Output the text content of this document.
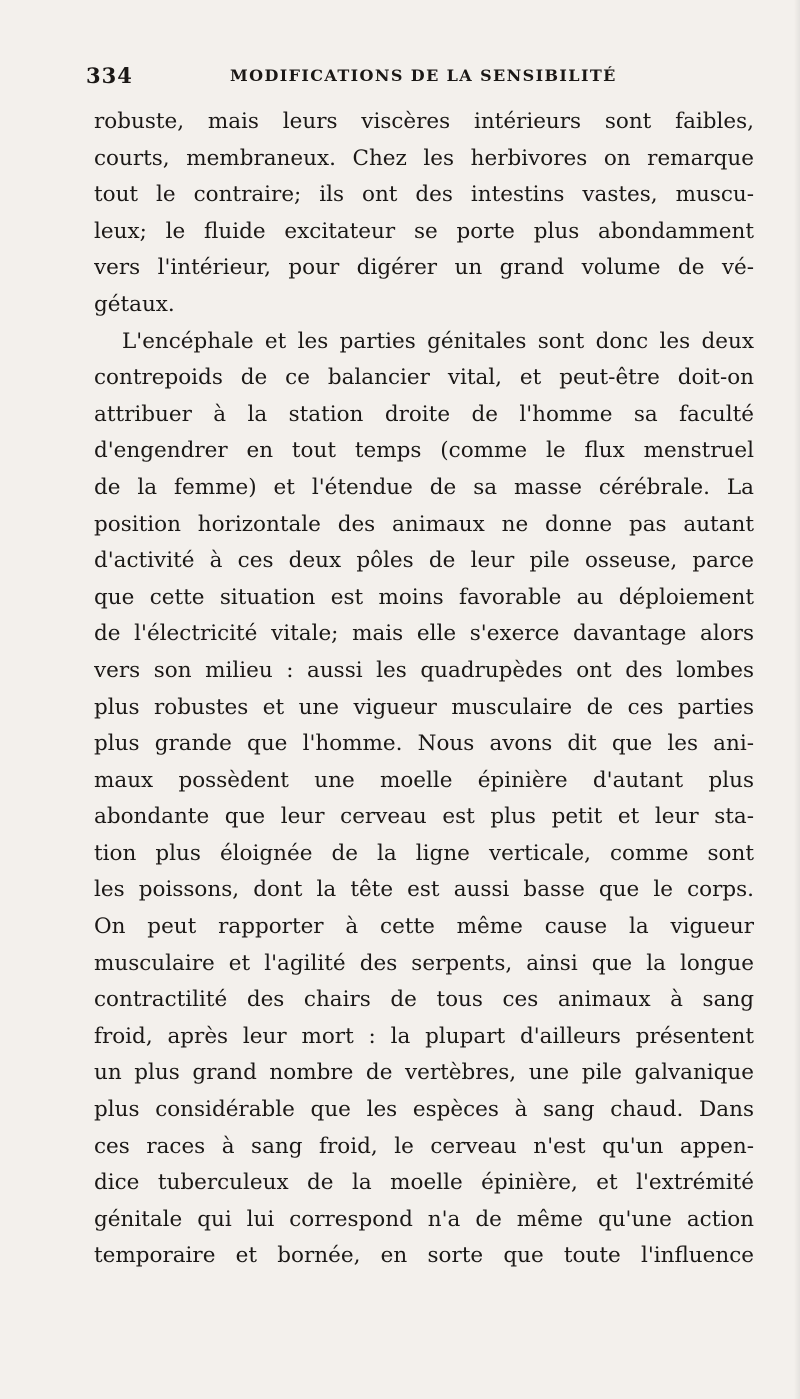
334	MODIFICATIONS DE LA SENSIBILITÉ
robuste, mais leurs viscères intérieurs sont faibles,
courts, membraneux. Chez les herbivores on remarque
tout le contraire; ils ont des intestins vastes, muscu-
leux; le fluide excitateur se porte plus abondamment
vers l'intérieur, pour digérer un grand volume de vé-
gétaux.
L'encéphale et les parties génitales sont donc les deux
contrepoids de ce balancier vital, et peut-être doit-on
attribuer à la station droite de l'homme sa faculté
d'engendrer en tout temps (comme le flux menstruel
de la femme) et l'étendue de sa masse cérébrale. La
position horizontale des animaux ne donne pas autant
d'activité à ces deux pôles de leur pile osseuse, parce
que cette situation est moins favorable au déploiement
de l'électricité vitale; mais elle s'exerce davantage alors
vers son milieu : aussi les quadrupèdes ont des lombes
plus robustes et une vigueur musculaire de ces parties
plus grande que l'homme. Nous avons dit que les ani-
maux possèdent une moelle épinière d'autant plus
abondante que leur cerveau est plus petit et leur sta-
tion plus éloignée de la ligne verticale, comme sont
les poissons, dont la tête est aussi basse que le corps.
On peut rapporter à cette même cause la vigueur
musculaire et l'agilité des serpents, ainsi que la longue
contractilité des chairs de tous ces animaux à sang
froid, après leur mort : la plupart d'ailleurs présentent
un plus grand nombre de vertèbres, une pile galvanique
plus considérable que les espèces à sang chaud. Dans
ces races à sang froid, le cerveau n'est qu'un appen-
dice tuberculeux de la moelle épinière, et l'extrémité
génitale qui lui correspond n'a de même qu'une action
temporaire et bornée, en sorte que toute l'influence
